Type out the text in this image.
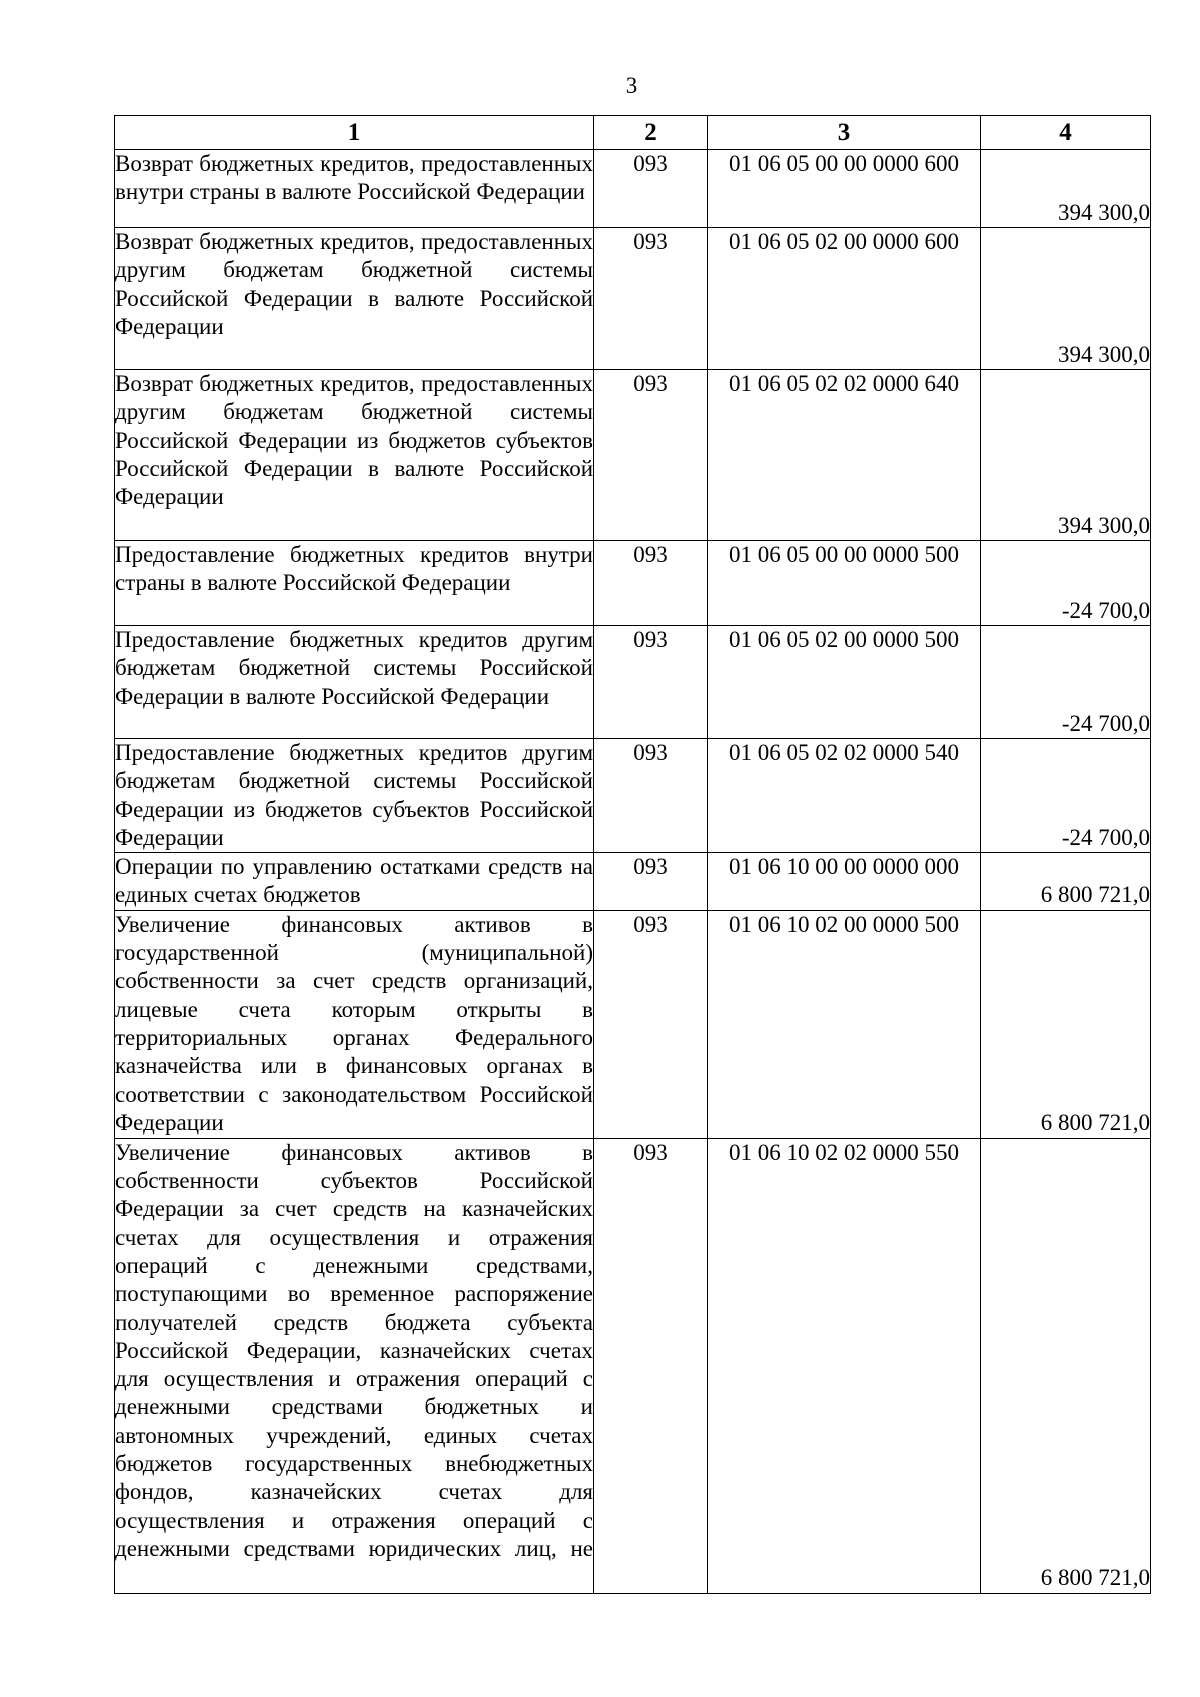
3
1	2	3	4
Возврат бюджетных кредитов, предоставленных внутри страны в валюте Российской Федерации	093	01 06 05 00 00 0000 600	394 300,0
Возврат бюджетных кредитов, предоставленных другим бюджетам бюджетной системы Российской Федерации в валюте Российской Федерации	093	01 06 05 02 00 0000 600	394 300,0
Возврат бюджетных кредитов, предоставленных другим бюджетам бюджетной системы Российской Федерации из бюджетов субъектов Российской Федерации в валюте Российской Федерации	093	01 06 05 02 02 0000 640	394 300,0
Предоставление бюджетных кредитов внутри страны в валюте Российской Федерации	093	01 06 05 00 00 0000 500	-24 700,0
Предоставление бюджетных кредитов другим бюджетам бюджетной системы Российской Федерации в валюте Российской Федерации	093	01 06 05 02 00 0000 500	-24 700,0
Предоставление бюджетных кредитов другим бюджетам бюджетной системы Российской Федерации из бюджетов субъектов Российской Федерации	093	01 06 05 02 02 0000 540	-24 700,0
Операции по управлению остатками средств на единых счетах бюджетов	093	01 06 10 00 00 0000 000	6 800 721,0
Увеличение финансовых активов в государственной (муниципальной) собственности за счет средств организаций, лицевые счета которым открыты в территориальных органах Федерального казначейства или в финансовых органах в соответствии с законодательством Российской Федерации	093	01 06 10 02 00 0000 500	6 800 721,0
Увеличение финансовых активов в собственности субъектов Российской Федерации за счет средств на казначейских счетах для осуществления и отражения операций с денежными средствами, поступающими во временное распоряжение получателей средств бюджета субъекта Российской Федерации, казначейских счетах для осуществления и отражения операций с денежными средствами бюджетных и автономных учреждений, единых счетах бюджетов государственных внебюджетных фондов, казначейских счетах для осуществления и отражения операций с денежными средствами юридических лиц, не	093	01 06 10 02 02 0000 550	6 800 721,0
